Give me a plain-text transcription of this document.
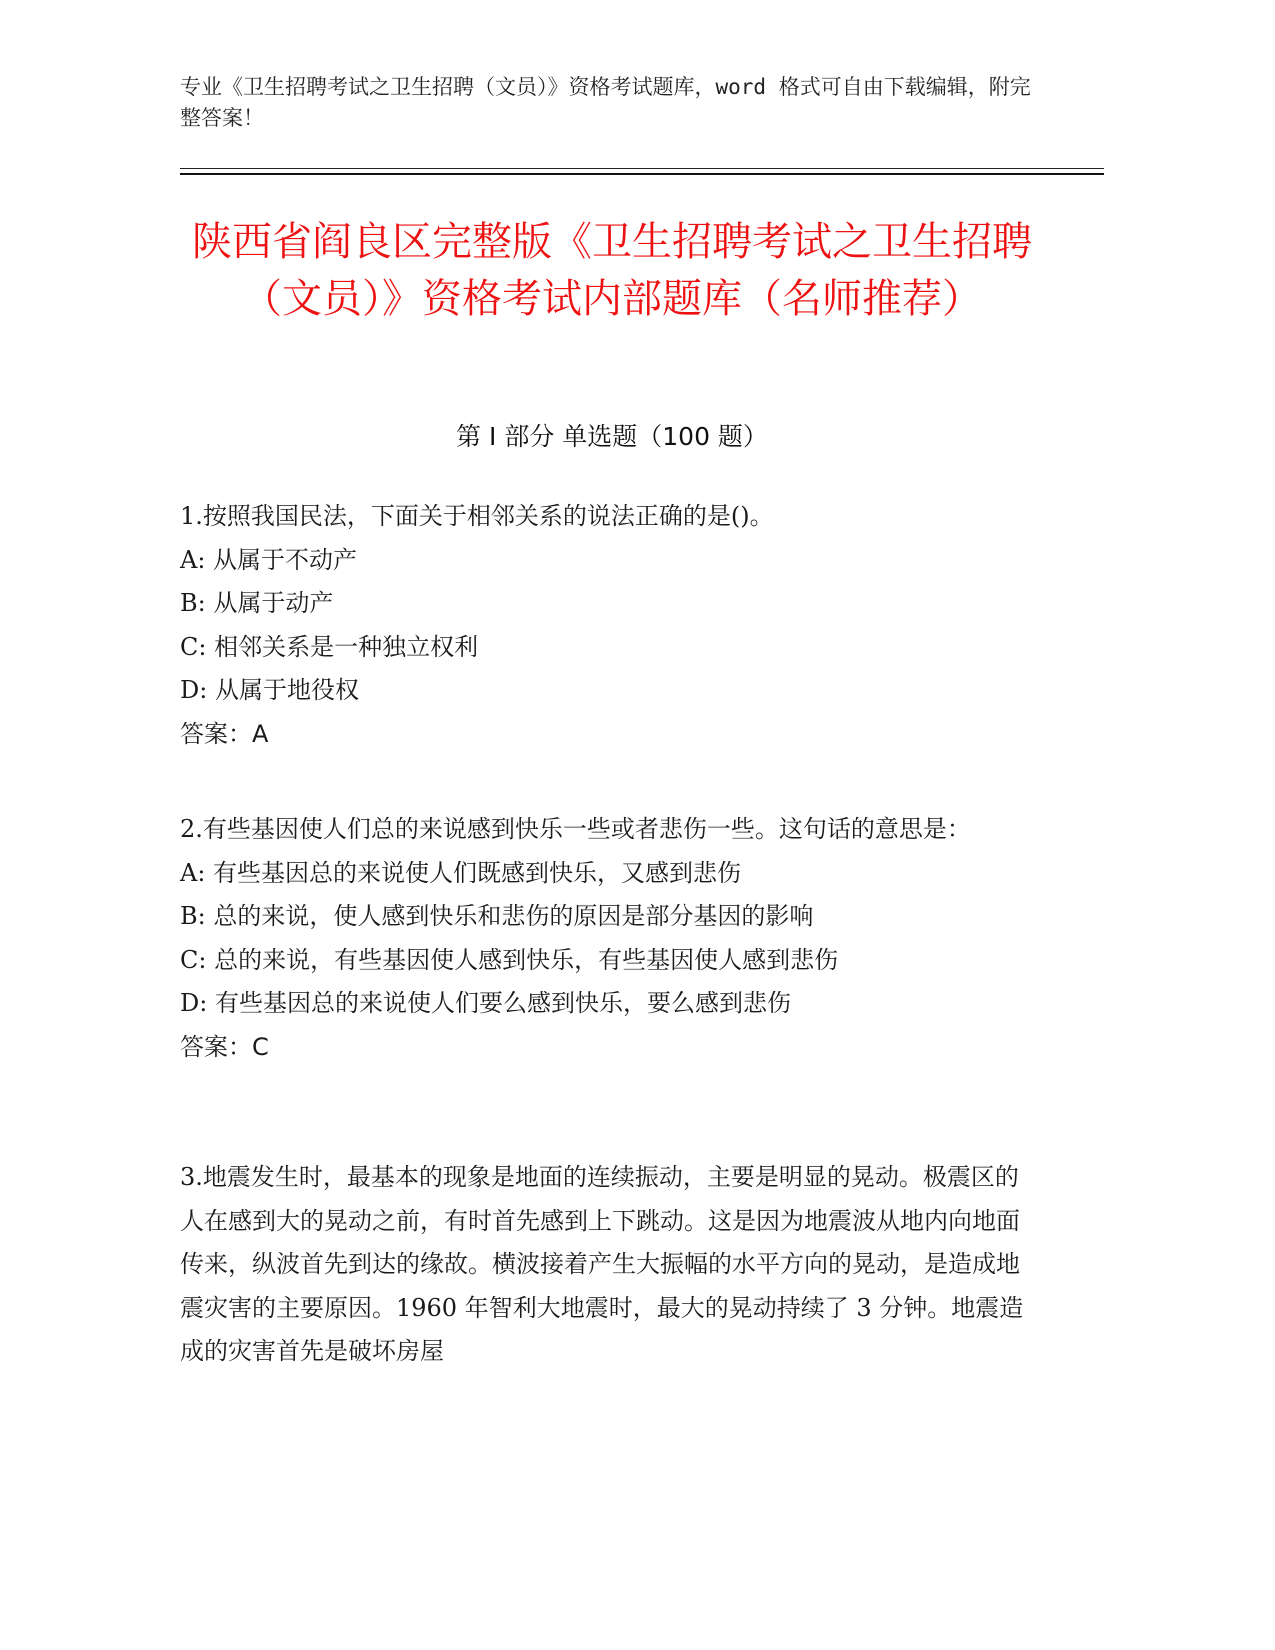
专业《卫生招聘考试之卫生招聘（文员）》资格考试题库，word 格式可自由下载编辑，附完整答案！
陕西省阎良区完整版《卫生招聘考试之卫生招聘（文员）》资格考试内部题库（名师推荐）
第 I 部分 单选题（100 题）
1.按照我国民法，下面关于相邻关系的说法正确的是()。
A: 从属于不动产
B: 从属于动产
C: 相邻关系是一种独立权利
D: 从属于地役权
答案：A
2.有些基因使人们总的来说感到快乐一些或者悲伤一些。这句话的意思是：
A: 有些基因总的来说使人们既感到快乐，又感到悲伤
B: 总的来说，使人感到快乐和悲伤的原因是部分基因的影响
C: 总的来说，有些基因使人感到快乐，有些基因使人感到悲伤
D: 有些基因总的来说使人们要么感到快乐，要么感到悲伤
答案：C
3.地震发生时，最基本的现象是地面的连续振动，主要是明显的晃动。极震区的人在感到大的晃动之前，有时首先感到上下跳动。这是因为地震波从地内向地面传来，纵波首先到达的缘故。横波接着产生大振幅的水平方向的晃动，是造成地震灾害的主要原因。1960 年智利大地震时，最大的晃动持续了 3 分钟。地震造成的灾害首先是破坏房屋
